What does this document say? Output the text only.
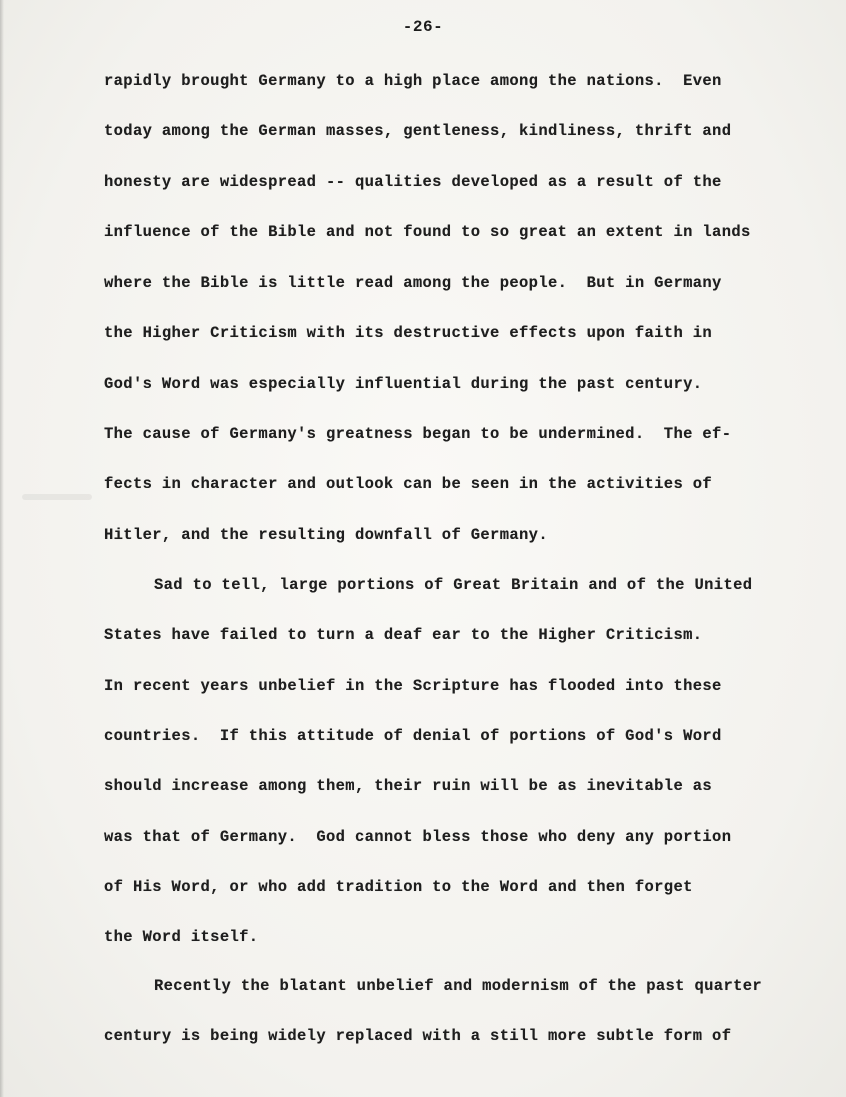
-26-
rapidly brought Germany to a high place among the nations.  Even
today among the German masses, gentleness, kindliness, thrift and
honesty are widespread -- qualities developed as a result of the
influence of the Bible and not found to so great an extent in lands
where the Bible is little read among the people.  But in Germany
the Higher Criticism with its destructive effects upon faith in
God's Word was especially influential during the past century.
The cause of Germany's greatness began to be undermined.  The ef-
fects in character and outlook can be seen in the activities of
Hitler, and the resulting downfall of Germany.
Sad to tell, large portions of Great Britain and of the United
States have failed to turn a deaf ear to the Higher Criticism.
In recent years unbelief in the Scripture has flooded into these
countries.  If this attitude of denial of portions of God's Word
should increase among them, their ruin will be as inevitable as
was that of Germany.  God cannot bless those who deny any portion
of His Word, or who add tradition to the Word and then forget
the Word itself.
Recently the blatant unbelief and modernism of the past quarter
century is being widely replaced with a still more subtle form of
